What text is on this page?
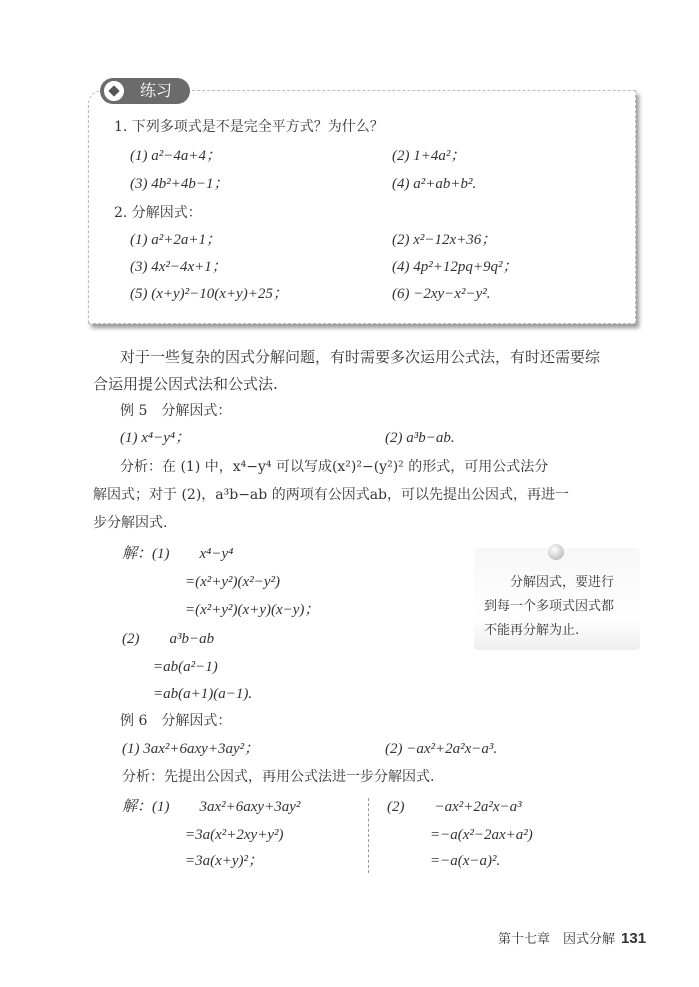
练习
1. 下列多项式是不是完全平方式？为什么？
(1) a²−4a+4；	(2) 1+4a²；
(3) 4b²+4b−1；	(4) a²+ab+b².
2. 分解因式：
(1) a²+2a+1；	(2) x²−12x+36；
(3) 4x²−4x+1；	(4) 4p²+12pq+9q²；
(5) (x+y)²−10(x+y)+25；	(6) −2xy−x²−y².
对于一些复杂的因式分解问题，有时需要多次运用公式法，有时还需要综
合运用提公因式法和公式法.
例 5　分解因式：
(1) x⁴−y⁴；	(2) a³b−ab.
分析：在 (1) 中，x⁴−y⁴ 可以写成(x²)²−(y²)² 的形式，可用公式法分
解因式；对于 (2)，a³b−ab 的两项有公因式ab，可以先提出公因式，再进一
步分解因式.
解：(1)　　x⁴−y⁴
=(x²+y²)(x²−y²)
=(x²+y²)(x+y)(x−y)；
(2)　　a³b−ab
=ab(a²−1)
=ab(a+1)(a−1).
分解因式，要进行
到每一个多项式因式都
不能再分解为止.
例 6　分解因式：
(1) 3ax²+6axy+3ay²；	(2) −ax²+2a²x−a³.
分析：先提出公因式，再用公式法进一步分解因式.
解：(1)　　3ax²+6axy+3ay²
=3a(x²+2xy+y²)
=3a(x+y)²；
(2)　　−ax²+2a²x−a³
=−a(x²−2ax+a²)
=−a(x−a)².
第十七章　因式分解 131
